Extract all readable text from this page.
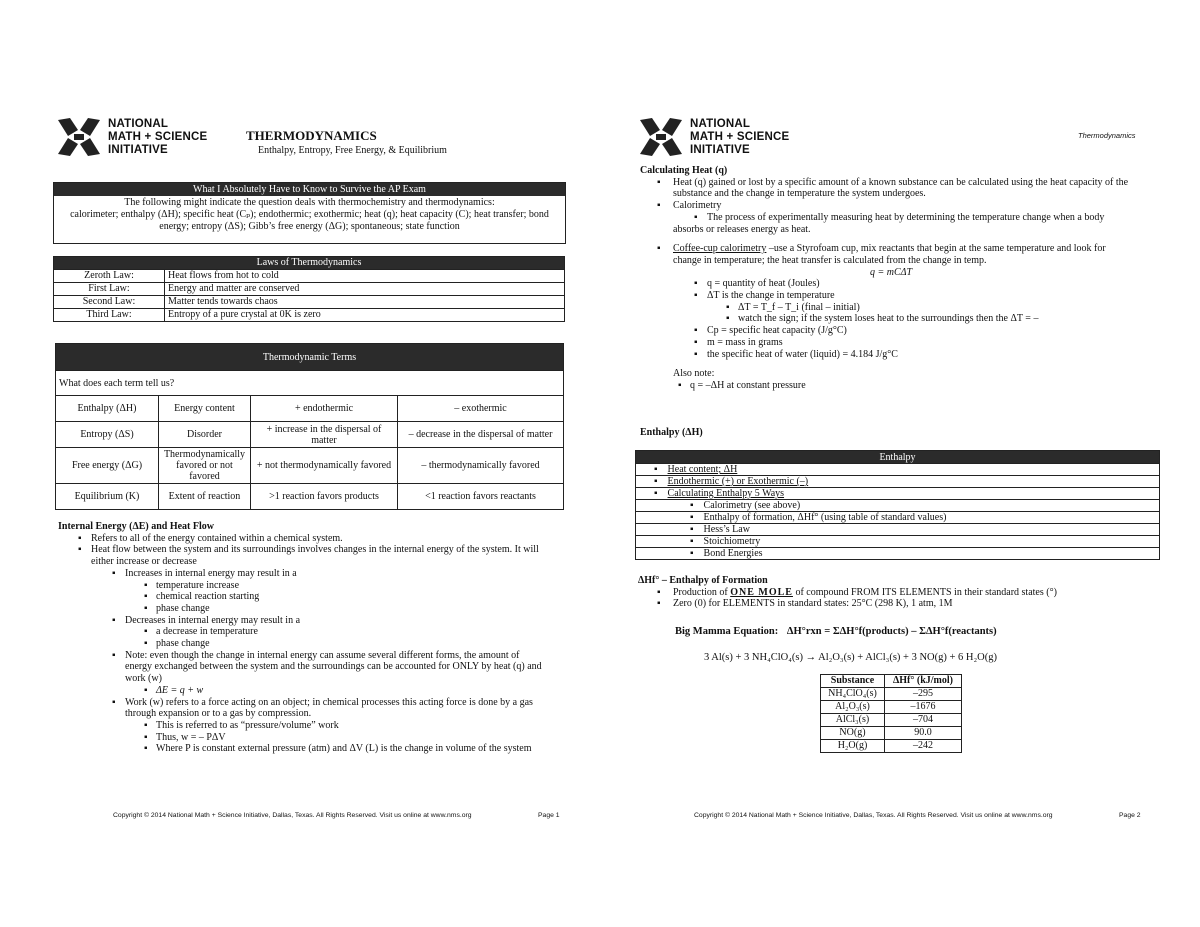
NATIONAL
MATH + SCIENCE
INITIATIVE
THERMODYNAMICS
Enthalpy, Entropy, Free Energy, & Equilibrium
What I Absolutely Have to Know to Survive the AP Exam
The following might indicate the question deals with thermochemistry and thermodynamics:
calorimeter; enthalpy (ΔH); specific heat (Cₚ); endothermic; exothermic; heat (q); heat capacity (C); heat transfer; bond
energy; entropy (ΔS); Gibb’s free energy (ΔG); spontaneous; state function
Laws of Thermodynamics	
Zeroth Law:	Heat flows from hot to cold
First Law:	Energy and matter are conserved
Second Law:	Matter tends towards chaos
Third Law:	Entropy of a pure crystal at 0K is zero
Thermodynamic Terms			
What does each term tell us?			
Enthalpy (ΔH)	Energy content	+ endothermic	– exothermic
Entropy (ΔS)	Disorder	+ increase in the dispersal of matter	– decrease in the dispersal of matter
Free energy (ΔG)	Thermodynamically favored or not favored	+ not thermodynamically favored	– thermodynamically favored
Equilibrium (K)	Extent of reaction	>1 reaction favors products	<1 reaction favors reactants
Internal Energy (ΔE) and Heat Flow
▪ Refers to all of the energy contained within a chemical system.
▪ Heat flow between the system and its surroundings involves changes in the internal energy of the system. It will
either increase or decrease
▪ Increases in internal energy may result in a
▪ temperature increase
▪ chemical reaction starting
▪ phase change
▪ Decreases in internal energy may result in a
▪ a decrease in temperature
▪ phase change
▪ Note: even though the change in internal energy can assume several different forms, the amount of
energy exchanged between the system and the surroundings can be accounted for ONLY by heat (q) and
work (w)
▪ ΔE = q + w
▪ Work (w) refers to a force acting on an object; in chemical processes this acting force is done by a gas
through expansion or to a gas by compression.
▪ This is referred to as “pressure/volume” work
▪ Thus, w = – PΔV
▪ Where P is constant external pressure (atm) and ΔV (L) is the change in volume of the system
Copyright © 2014 National Math + Science Initiative, Dallas, Texas. All Rights Reserved. Visit us online at www.nms.org	Page 1
NATIONAL
MATH + SCIENCE
INITIATIVE
Thermodynamics
Calculating Heat (q)
▪ Heat (q) gained or lost by a specific amount of a known substance can be calculated using the heat capacity of the
substance and the change in temperature the system undergoes.
▪ Calorimetry
▪ The process of experimentally measuring heat by determining the temperature change when a body
absorbs or releases energy as heat.
▪ Coffee-cup calorimetry –use a Styrofoam cup, mix reactants that begin at the same temperature and look for
change in temperature; the heat transfer is calculated from the change in temp.
q = mCΔT
▪ q = quantity of heat (Joules)
▪ ΔT is the change in temperature
▪ ΔT = T_f – T_i (final – initial)
▪ watch the sign; if the system loses heat to the surroundings then the ΔT = –
▪ Cp = specific heat capacity (J/g°C)
▪ m = mass in grams
▪ the specific heat of water (liquid) = 4.184 J/g°C
Also note:
▪ q = –ΔH at constant pressure
Enthalpy (ΔH)
Enthalpy
▪ Heat content; ΔH
▪ Endothermic (+) or Exothermic (–)
▪ Calculating Enthalpy 5 Ways
▪ Calorimetry (see above)
▪ Enthalpy of formation, ΔHf° (using table of standard values)
▪ Hess’s Law
▪ Stoichiometry
▪ Bond Energies
ΔHf° – Enthalpy of Formation
▪ Production of ONE MOLE of compound FROM ITS ELEMENTS in their standard states (°)
▪ Zero (0) for ELEMENTS in standard states: 25°C (298 K), 1 atm, 1M
Big Mamma Equation: ΔH°rxn = ΣΔH°f(products) – ΣΔH°f(reactants)
3 Al(s) + 3 NH₄ClO₄(s) → Al₂O₃(s) + AlCl₃(s) + 3 NO(g) + 6 H₂O(g)
Substance	ΔHf° (kJ/mol)
NH₄ClO₄(s)	–295
Al₂O₃(s)	–1676
AlCl₃(s)	–704
NO(g)	90.0
H₂O(g)	–242
Copyright © 2014 National Math + Science Initiative, Dallas, Texas. All Rights Reserved. Visit us online at www.nms.org	Page 2
